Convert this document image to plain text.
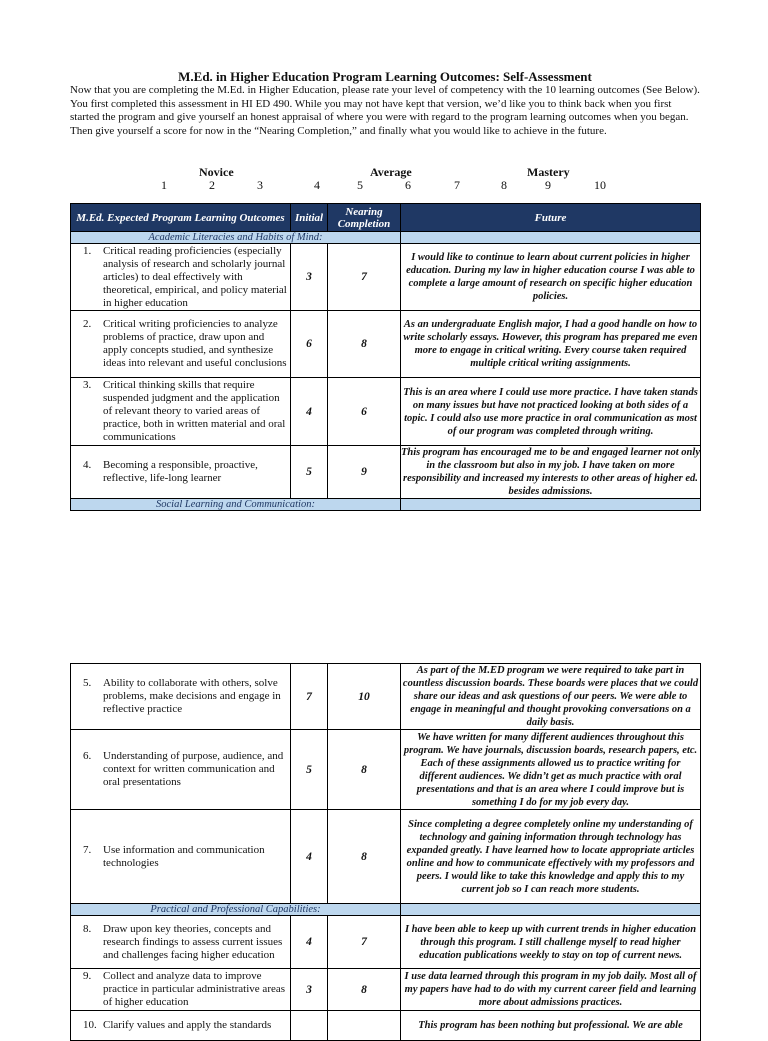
M.Ed. in Higher Education Program Learning Outcomes: Self-Assessment

Now that you are completing the M.Ed. in Higher Education, please rate your level of competency with the 10 learning outcomes (See Below). You first completed this assessment in HI ED 490. While you may not have kept that version, we’d like you to think back when you first started the program and give yourself an honest appraisal of where you were with regard to the program learning outcomes when you began. Then give yourself a score for now in the “Nearing Completion,” and finally what you would like to achieve in the future.

Novice	Average	Mastery
1	2	3	4	5	6	7	8	9	10
M.Ed. Expected Program Learning Outcomes	Initial	Nearing Completion	Future
Academic Literacies and Habits of Mind:			

1. Critical reading proficiencies (especially analysis of research and scholarly journal articles) to deal effectively with theoretical, empirical, and policy material in higher education	3	7	I would like to continue to learn about current policies in higher education. During my law in higher education course I was able to complete a large amount of research on specific higher education policies.

2. Critical writing proficiencies to analyze problems of practice, draw upon and apply concepts studied, and synthesize ideas into relevant and useful conclusions	6	8	As an undergraduate English major, I had a good handle on how to write scholarly essays. However, this program has prepared me even more to engage in critical writing. Every course taken required multiple critical writing assignments.

3. Critical thinking skills that require suspended judgment and the application of relevant theory to varied areas of practice, both in written material and oral communications	4	6	This is an area where I could use more practice. I have taken stands on many issues but have not practiced looking at both sides of a topic. I could also use more practice in oral communication as most of our program was completed through writing.

4. Becoming a responsible, proactive, reflective, life-long learner	5	9	This program has encouraged me to be and engaged learner not only in the classroom but also in my job. I have taken on more responsibility and increased my interests to other areas of higher ed. besides admissions.
Social Learning and Communication:			
5. Ability to collaborate with others, solve problems, make decisions and engage in reflective practice	7	10	As part of the M.ED program we were required to take part in countless discussion boards. These boards were places that we could share our ideas and ask questions of our peers. We were able to engage in meaningful and thought provoking conversations on a daily basis.

6. Understanding of purpose, audience, and context for written communication and oral presentations	5	8	We have written for many different audiences throughout this program. We have journals, discussion boards, research papers, etc. Each of these assignments allowed us to practice writing for different audiences. We didn’t get as much practice with oral presentations and that is an area where I could improve but is something I do for my job every day.

7. Use information and communication technologies	4	8	Since completing a degree completely online my understanding of technology and gaining information through technology has expanded greatly. I have learned how to locate appropriate articles online and how to communicate effectively with my professors and peers. I would like to take this knowledge and apply this to my current job so I can reach more students.
Practical and Professional Capabilities:			

8. Draw upon key theories, concepts and research findings to assess current issues and challenges facing higher education	4	7	I have been able to keep up with current trends in higher education through this program. I still challenge myself to read higher education publications weekly to stay on top of current news.

9. Collect and analyze data to improve practice in particular administrative areas of higher education	3	8	I use data learned through this program in my job daily. Most all of my papers have had to do with my current career field and learning more about admissions practices.

10. Clarify values and apply the standards			This program has been nothing but professional. We are able
